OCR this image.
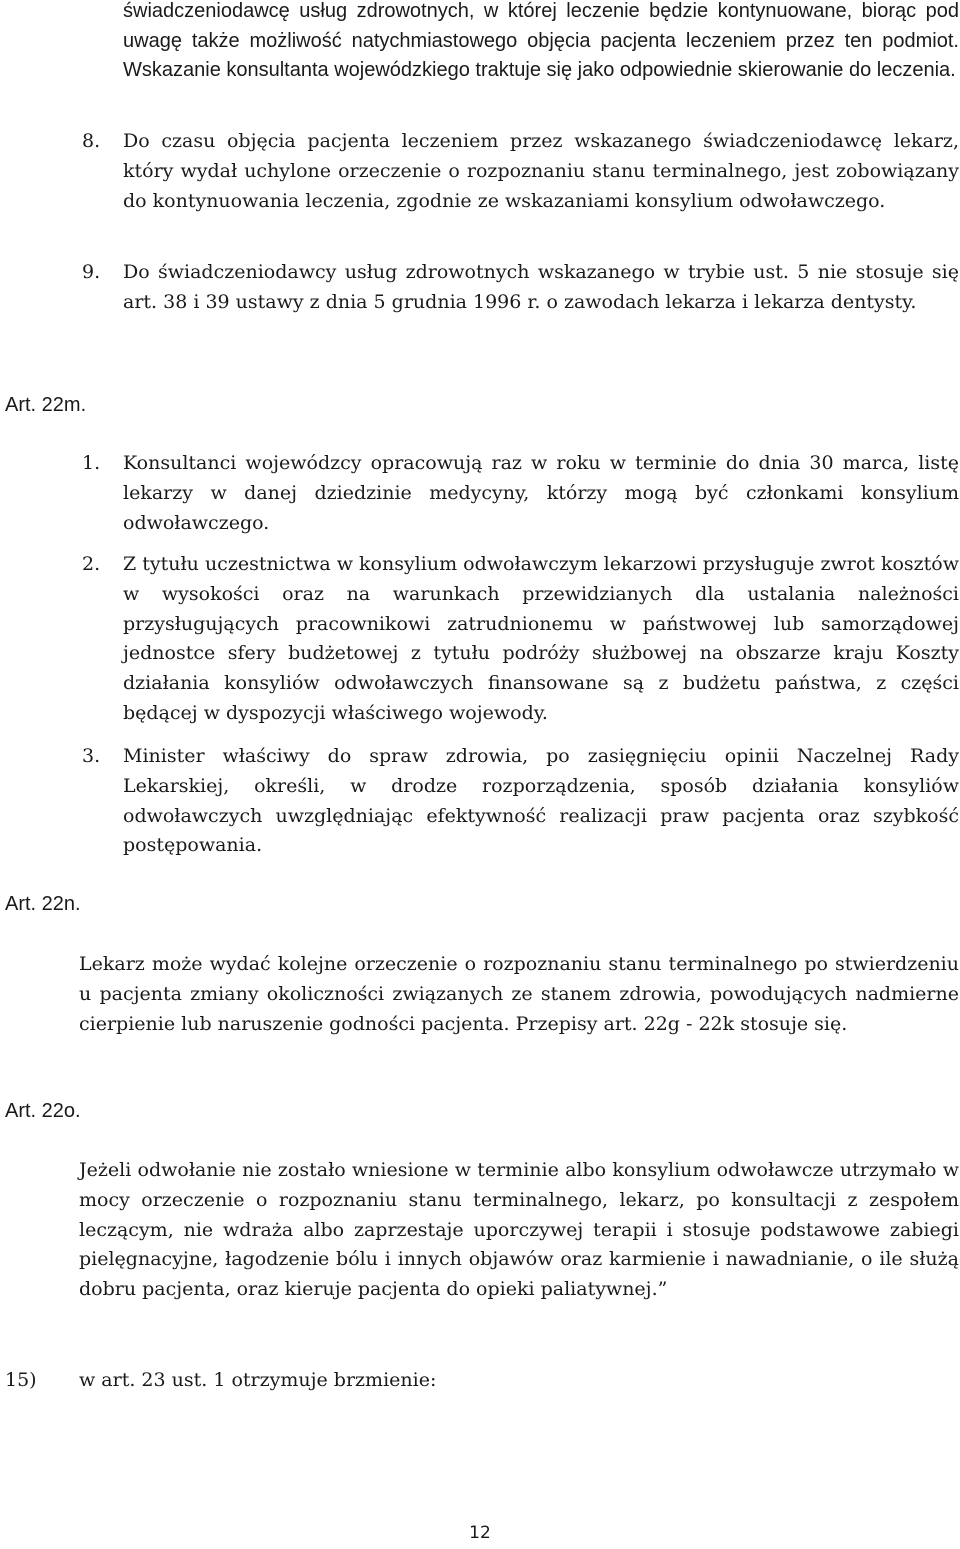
świadczeniodawcę usług zdrowotnych, w której leczenie będzie kontynuowane, biorąc pod uwagę także możliwość natychmiastowego objęcia pacjenta leczeniem przez ten podmiot. Wskazanie konsultanta wojewódzkiego traktuje się jako odpowiednie skierowanie do leczenia.

8.	Do czasu objęcia pacjenta leczeniem przez wskazanego świadczeniodawcę lekarz, który wydał uchylone orzeczenie o rozpoznaniu stanu terminalnego, jest zobowiązany do kontynuowania leczenia, zgodnie ze wskazaniami konsylium odwoławczego.

9.	Do świadczeniodawcy usług zdrowotnych wskazanego w trybie ust. 5 nie stosuje się art. 38 i 39 ustawy z dnia 5 grudnia 1996 r. o zawodach lekarza i lekarza dentysty.

Art. 22m.
1.	Konsultanci wojewódzcy opracowują raz w roku w terminie do dnia 30 marca, listę lekarzy w danej dziedzinie medycyny, którzy mogą być członkami konsylium odwoławczego.

2.	Z tytułu uczestnictwa w konsylium odwoławczym lekarzowi przysługuje zwrot kosztów w wysokości oraz na warunkach przewidzianych dla ustalania należności przysługujących pracownikowi zatrudnionemu w państwowej lub samorządowej jednostce sfery budżetowej z tytułu podróży służbowej na obszarze kraju Koszty działania konsyliów odwoławczych finansowane są z budżetu państwa, z części będącej w dyspozycji właściwego wojewody.

3.	Minister właściwy do spraw zdrowia, po zasięgnięciu opinii Naczelnej Rady Lekarskiej, określi, w drodze rozporządzenia, sposób działania konsyliów odwoławczych uwzględniając efektywność realizacji praw pacjenta oraz szybkość postępowania.

Art. 22n.

Lekarz może wydać kolejne orzeczenie o rozpoznaniu stanu terminalnego po stwierdzeniu u pacjenta zmiany okoliczności związanych ze stanem zdrowia, powodujących nadmierne cierpienie lub naruszenie godności pacjenta. Przepisy art. 22g - 22k stosuje się.

Art. 22o.

Jeżeli odwołanie nie zostało wniesione w terminie albo konsylium odwoławcze utrzymało w mocy orzeczenie o rozpoznaniu stanu terminalnego, lekarz, po konsultacji z zespołem leczącym, nie wdraża albo zaprzestaje uporczywej terapii i stosuje podstawowe zabiegi pielęgnacyjne, łagodzenie bólu i innych objawów oraz karmienie i nawadnianie, o ile służą dobru pacjenta, oraz kieruje pacjenta do opieki paliatywnej.”

15) w art. 23 ust. 1 otrzymuje brzmienie:
12
